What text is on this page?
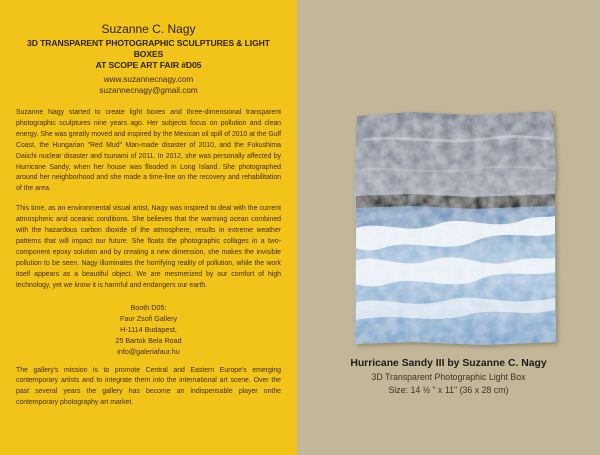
Suzanne C. Nagy
3D TRANSPARENT PHOTOGRAPHIC SCULPTURES & LIGHT BOXES
AT SCOPE ART FAIR #D05
www.suzannecnagy.com
suzannecnagy@gmail.com

Suzanne Nagy started to create light boxes and three-dimensional transparent photographic sculptures nine years ago. Her subjects focus on pollution and clean energy. She was greatly moved and inspired by the Mexican oil spill of 2010 at the Gulf Coast, the Hungarian "Red Mud" Man-made disaster of 2010, and the Fukushima Daiichi nuclear disaster and tsunami of 2011. In 2012, she was personally affected by Hurricane Sandy, when her house was flooded in Long Island. She photographed around her neighborhood and she made a time-line on the recovery and rehabilitation of the area.

This time, as an environmental visual artist, Nagy was inspired to deal with the current atmospheric and oceanic conditions. She believes that the warming ocean combined with the hazardous carbon dioxide of the atmosphere, results in extreme weather patterns that will impact our future. She floats the photographic collages in a two-component epoxy solution and by creating a new dimension, she makes the invisible pollution to be seen. Nagy illuminates the horrifying reality of pollution, while the work itself appears as a beautiful object. We are mesmerized by our comfort of high technology, yet we know it is harmful and endangers our earth.

Booth D05:
Faur Zsofi Gallery
H-1114 Budapest,
25 Bartok Bela Road
info@galeriafaur.hu

The gallery's mission is to promote Central and Eastern Europe's emerging contemporary artists and to integrate them into the international art scene. Over the past several years the gallery has become an indispensable player onthe contemporary photography art market.

Hurricane Sandy III by Suzanne C. Nagy
3D Transparent Photographic Light Box
Size: 14 ½ " x 11" (36 x 28 cm)
